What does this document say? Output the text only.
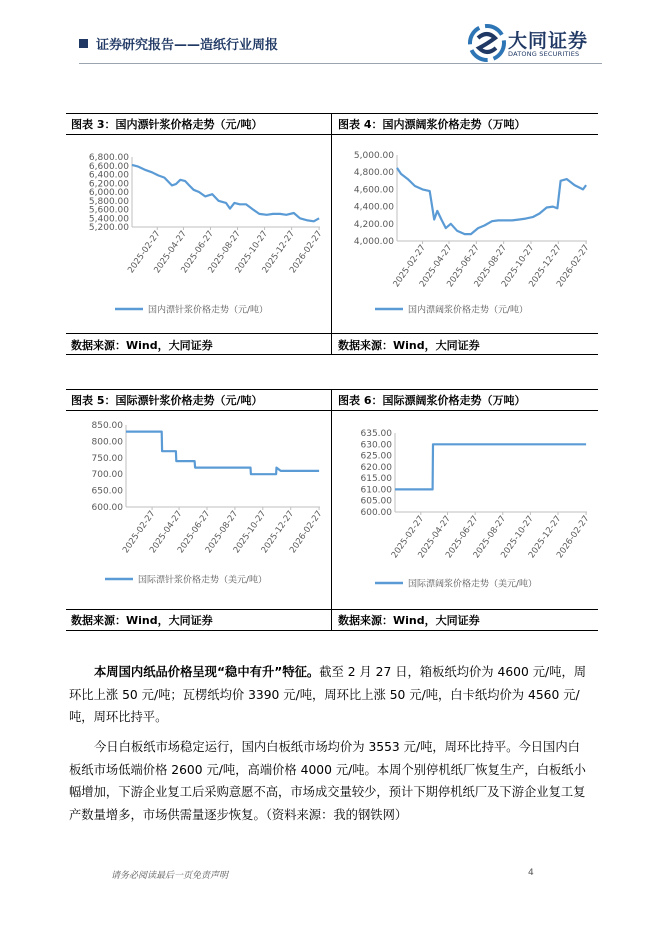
证券研究报告——造纸行业周报	大同证券
DATONG SECURITIES
图表 3：国内漂针浆价格走势（元/吨）	图表 4：国内漂阔浆价格走势（万吨）
5,200.00
5,400.00
5,600.00
5,800.00
6,000.00
6,200.00
6,400.00
6,600.00
6,800.00
2025-02-27
2025-04-27
2025-06-27
2025-08-27
2025-10-27
2025-12-27
2026-02-27
国内漂针浆价格走势（元/吨）
4,000.00
4,200.00
4,400.00
4,600.00
4,800.00
5,000.00
2025-02-27
2025-04-27
2025-06-27
2025-08-27
2025-10-27
2025-12-27
2026-02-27
国内漂阔浆价格走势（元/吨）
数据来源：Wind，大同证券	数据来源：Wind，大同证券
图表 5：国际漂针浆价格走势（元/吨）	图表 6：国际漂阔浆价格走势（万吨）
600.00
650.00
700.00
750.00
800.00
850.00
2025-02-27
2025-04-27
2025-06-27
2025-08-27
2025-10-27
2025-12-27
2026-02-27
国际漂针浆价格走势（美元/吨）
600.00
605.00
610.00
615.00
620.00
625.00
630.00
635.00
2025-02-27
2025-04-27
2025-06-27
2025-08-27
2025-10-27
2025-12-27
2026-02-27
国际漂阔浆价格走势（美元/吨）
数据来源：Wind，大同证券	数据来源：Wind，大同证券
本周国内纸品价格呈现“稳中有升”特征。截至 2 月 27 日，箱板纸均价为 4600 元/吨，周环比上涨 50 元/吨；瓦楞纸均价 3390 元/吨，周环比上涨 50 元/吨，白卡纸均价为 4560 元/吨，周环比持平。
今日白板纸市场稳定运行，国内白板纸市场均价为 3553 元/吨，周环比持平。今日国内白板纸市场低端价格 2600 元/吨，高端价格 4000 元/吨。本周个别停机纸厂恢复生产，白板纸小幅增加，下游企业复工后采购意愿不高，市场成交量较少，预计下期停机纸厂及下游企业复工复产数量增多，市场供需量逐步恢复。（资料来源：我的钢铁网）
请务必阅读最后一页免责声明	4
